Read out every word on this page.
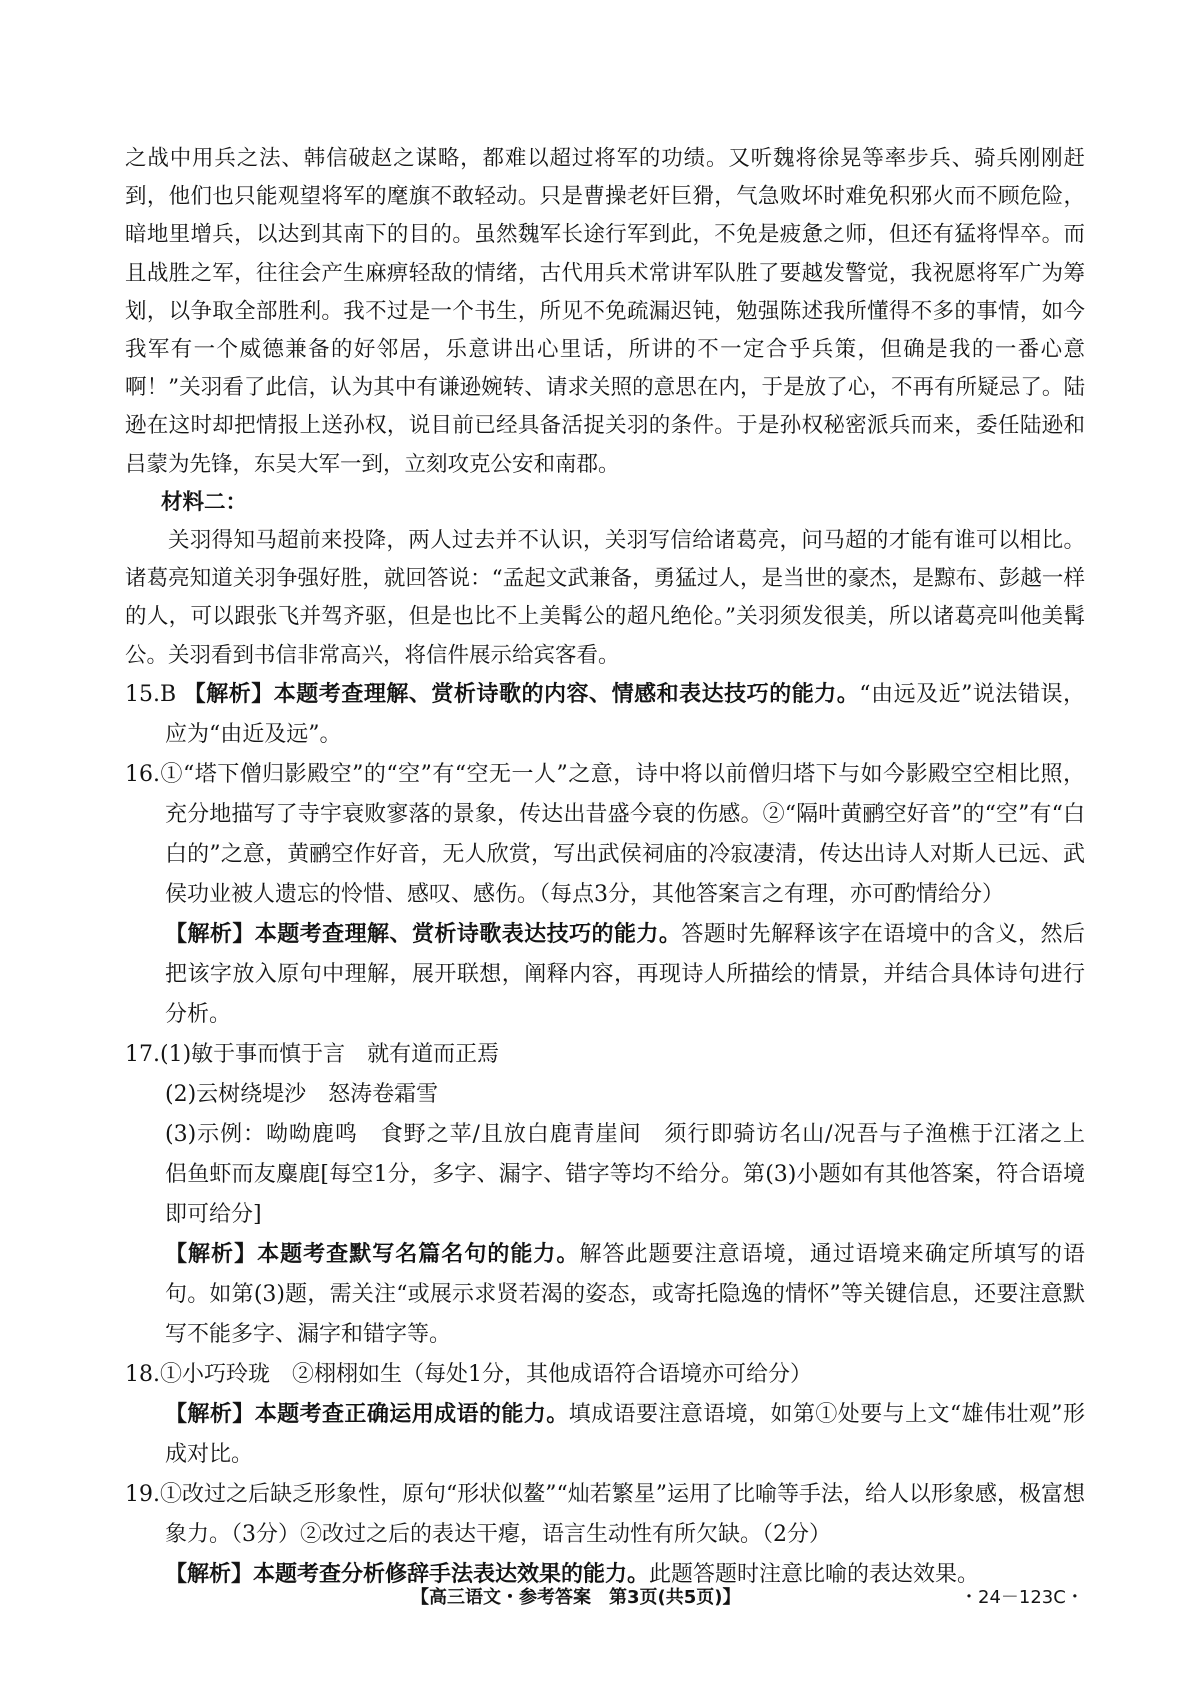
之战中用兵之法、韩信破赵之谋略，都难以超过将军的功绩。又听魏将徐晃等率步兵、骑兵刚刚赶到，他们也只能观望将军的麾旗不敢轻动。只是曹操老奸巨猾，气急败坏时难免积邪火而不顾危险，暗地里增兵，以达到其南下的目的。虽然魏军长途行军到此，不免是疲惫之师，但还有猛将悍卒。而且战胜之军，往往会产生麻痹轻敌的情绪，古代用兵术常讲军队胜了要越发警觉，我祝愿将军广为筹划，以争取全部胜利。我不过是一个书生，所见不免疏漏迟钝，勉强陈述我所懂得不多的事情，如今我军有一个威德兼备的好邻居，乐意讲出心里话，所讲的不一定合乎兵策，但确是我的一番心意啊！”关羽看了此信，认为其中有谦逊婉转、请求关照的意思在内，于是放了心，不再有所疑忌了。陆逊在这时却把情报上送孙权，说目前已经具备活捉关羽的条件。于是孙权秘密派兵而来，委任陆逊和吕蒙为先锋，东吴大军一到，立刻攻克公安和南郡。

材料二：

关羽得知马超前来投降，两人过去并不认识，关羽写信给诸葛亮，问马超的才能有谁可以相比。诸葛亮知道关羽争强好胜，就回答说：“孟起文武兼备，勇猛过人，是当世的豪杰，是黥布、彭越一样的人，可以跟张飞并驾齐驱，但是也比不上美髯公的超凡绝伦。”关羽须发很美，所以诸葛亮叫他美髯公。关羽看到书信非常高兴，将信件展示给宾客看。

15.B 【解析】本题考查理解、赏析诗歌的内容、情感和表达技巧的能力。“由远及近”说法错误，应为“由近及远”。

16.①“塔下僧归影殿空”的“空”有“空无一人”之意，诗中将以前僧归塔下与如今影殿空空相比照，充分地描写了寺宇衰败寥落的景象，传达出昔盛今衰的伤感。②“隔叶黄鹂空好音”的“空”有“白白的”之意，黄鹂空作好音，无人欣赏，写出武侯祠庙的冷寂凄清，传达出诗人对斯人已远、武侯功业被人遗忘的怜惜、感叹、感伤。（每点3分，其他答案言之有理，亦可酌情给分）

【解析】本题考查理解、赏析诗歌表达技巧的能力。答题时先解释该字在语境中的含义，然后把该字放入原句中理解，展开联想，阐释内容，再现诗人所描绘的情景，并结合具体诗句进行分析。

17.(1)敏于事而慎于言　就有道而正焉

(2)云树绕堤沙　怒涛卷霜雪

(3)示例：呦呦鹿鸣　食野之苹/且放白鹿青崖间　须行即骑访名山/况吾与子渔樵于江渚之上　侣鱼虾而友麋鹿[每空1分，多字、漏字、错字等均不给分。第(3)小题如有其他答案，符合语境即可给分]

【解析】本题考查默写名篇名句的能力。解答此题要注意语境，通过语境来确定所填写的语句。如第(3)题，需关注“或展示求贤若渴的姿态，或寄托隐逸的情怀”等关键信息，还要注意默写不能多字、漏字和错字等。

18.①小巧玲珑　②栩栩如生（每处1分，其他成语符合语境亦可给分）

【解析】本题考查正确运用成语的能力。填成语要注意语境，如第①处要与上文“雄伟壮观”形成对比。

19.①改过之后缺乏形象性，原句“形状似鳌”“灿若繁星”运用了比喻等手法，给人以形象感，极富想象力。（3分）②改过之后的表达干瘪，语言生动性有所欠缺。（2分）

【解析】本题考查分析修辞手法表达效果的能力。此题答题时注意比喻的表达效果。

【高三语文・参考答案　第3页(共5页)】	・24－123C・
